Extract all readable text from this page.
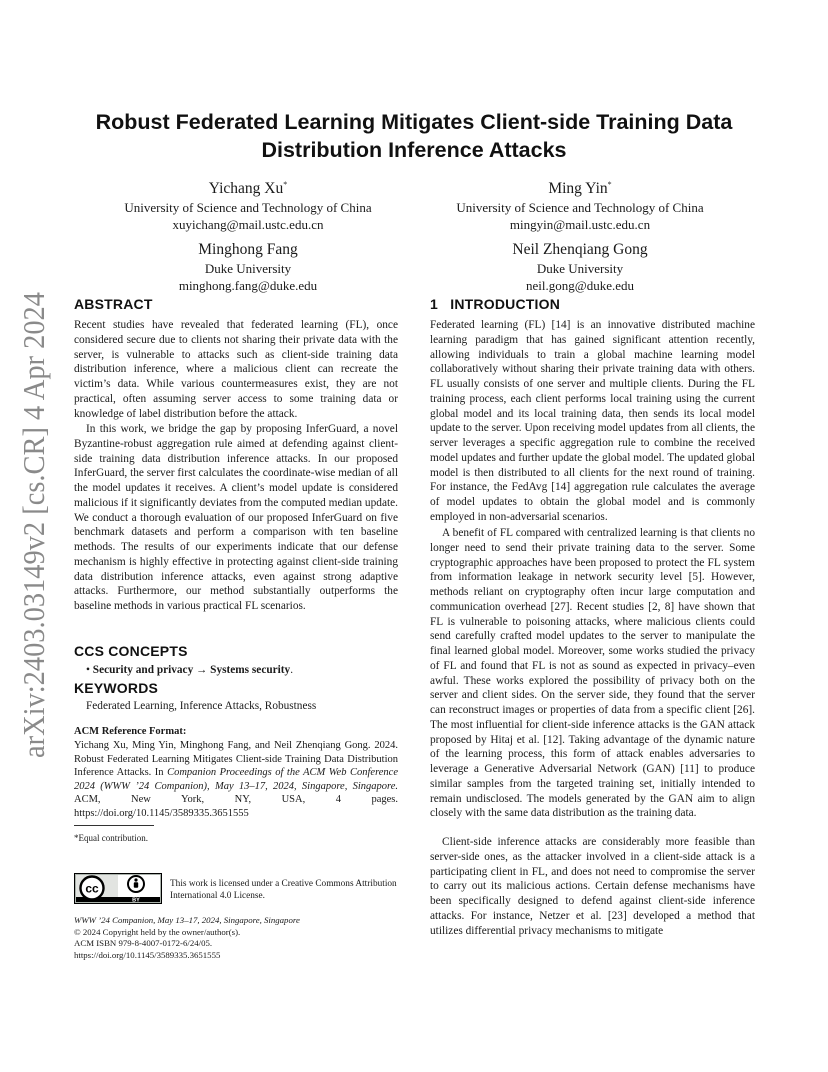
arXiv:2403.03149v2 [cs.CR] 4 Apr 2024
Robust Federated Learning Mitigates Client-side Training Data Distribution Inference Attacks
Yichang Xu*
University of Science and Technology of China
xuyichang@mail.ustc.edu.cn
Ming Yin*
University of Science and Technology of China
mingyin@mail.ustc.edu.cn
Minghong Fang
Duke University
minghong.fang@duke.edu
Neil Zhenqiang Gong
Duke University
neil.gong@duke.edu
ABSTRACT

Recent studies have revealed that federated learning (FL), once considered secure due to clients not sharing their private data with the server, is vulnerable to attacks such as client-side training data distribution inference, where a malicious client can recreate the victim’s data. While various countermeasures exist, they are not practical, often assuming server access to some training data or knowledge of label distribution before the attack.

In this work, we bridge the gap by proposing InferGuard, a novel Byzantine-robust aggregation rule aimed at defending against client-side training data distribution inference attacks. In our proposed InferGuard, the server first calculates the coordinate-wise median of all the model updates it receives. A client’s model update is considered malicious if it significantly deviates from the computed median update. We conduct a thorough evaluation of our proposed InferGuard on five benchmark datasets and perform a comparison with ten baseline methods. The results of our experiments indicate that our defense mechanism is highly effective in protecting against client-side training data distribution inference attacks, even against strong adaptive attacks. Furthermore, our method substantially outperforms the baseline methods in various practical FL scenarios.

CCS CONCEPTS
• Security and privacy → Systems security.
KEYWORDS

Federated Learning, Inference Attacks, Robustness

ACM Reference Format:

Yichang Xu, Ming Yin, Minghong Fang, and Neil Zhenqiang Gong. 2024. Robust Federated Learning Mitigates Client-side Training Data Distribution Inference Attacks. In Companion Proceedings of the ACM Web Conference 2024 (WWW ’24 Companion), May 13–17, 2024, Singapore, Singapore. ACM, New York, NY, USA, 4 pages. https://doi.org/10.1145/3589335.3651555

*Equal contribution.

cc
BY

This work is licensed under a Creative Commons Attribution International 4.0 License.

WWW ’24 Companion, May 13–17, 2024, Singapore, Singapore
© 2024 Copyright held by the owner/author(s).
ACM ISBN 979-8-4007-0172-6/24/05.
https://doi.org/10.1145/3589335.3651555
1 INTRODUCTION

Federated learning (FL) [14] is an innovative distributed machine learning paradigm that has gained significant attention recently, allowing individuals to train a global machine learning model collaboratively without sharing their private training data with others. FL usually consists of one server and multiple clients. During the FL training process, each client performs local training using the current global model and its local training data, then sends its local model update to the server. Upon receiving model updates from all clients, the server leverages a specific aggregation rule to combine the received model updates and further update the global model. The updated global model is then distributed to all clients for the next round of training. For instance, the FedAvg [14] aggregation rule calculates the average of model updates to obtain the global model and is commonly employed in non-adversarial scenarios.

A benefit of FL compared with centralized learning is that clients no longer need to send their private training data to the server. Some cryptographic approaches have been proposed to protect the FL system from information leakage in network security level [5]. However, methods reliant on cryptography often incur large computation and communication overhead [27]. Recent studies [2, 8] have shown that FL is vulnerable to poisoning attacks, where malicious clients could send carefully crafted model updates to the server to manipulate the final learned global model. Moreover, some works studied the privacy of FL and found that FL is not as sound as expected in privacy–even awful. These works explored the possibility of privacy both on the server and client sides. On the server side, they found that the server can reconstruct images or properties of data from a specific client [26]. The most influential for client-side inference attacks is the GAN attack proposed by Hitaj et al. [12]. Taking advantage of the dynamic nature of the learning process, this form of attack enables adversaries to leverage a Generative Adversarial Network (GAN) [11] to produce similar samples from the targeted training set, initially intended to remain undisclosed. The models generated by the GAN aim to align closely with the same data distribution as the training data.

Client-side inference attacks are considerably more feasible than server-side ones, as the attacker involved in a client-side attack is a participating client in FL, and does not need to compromise the server to carry out its malicious actions. Certain defense mechanisms have been specifically designed to defend against client-side inference attacks. For instance, Netzer et al. [23] developed a method that utilizes differential privacy mechanisms to mitigate
